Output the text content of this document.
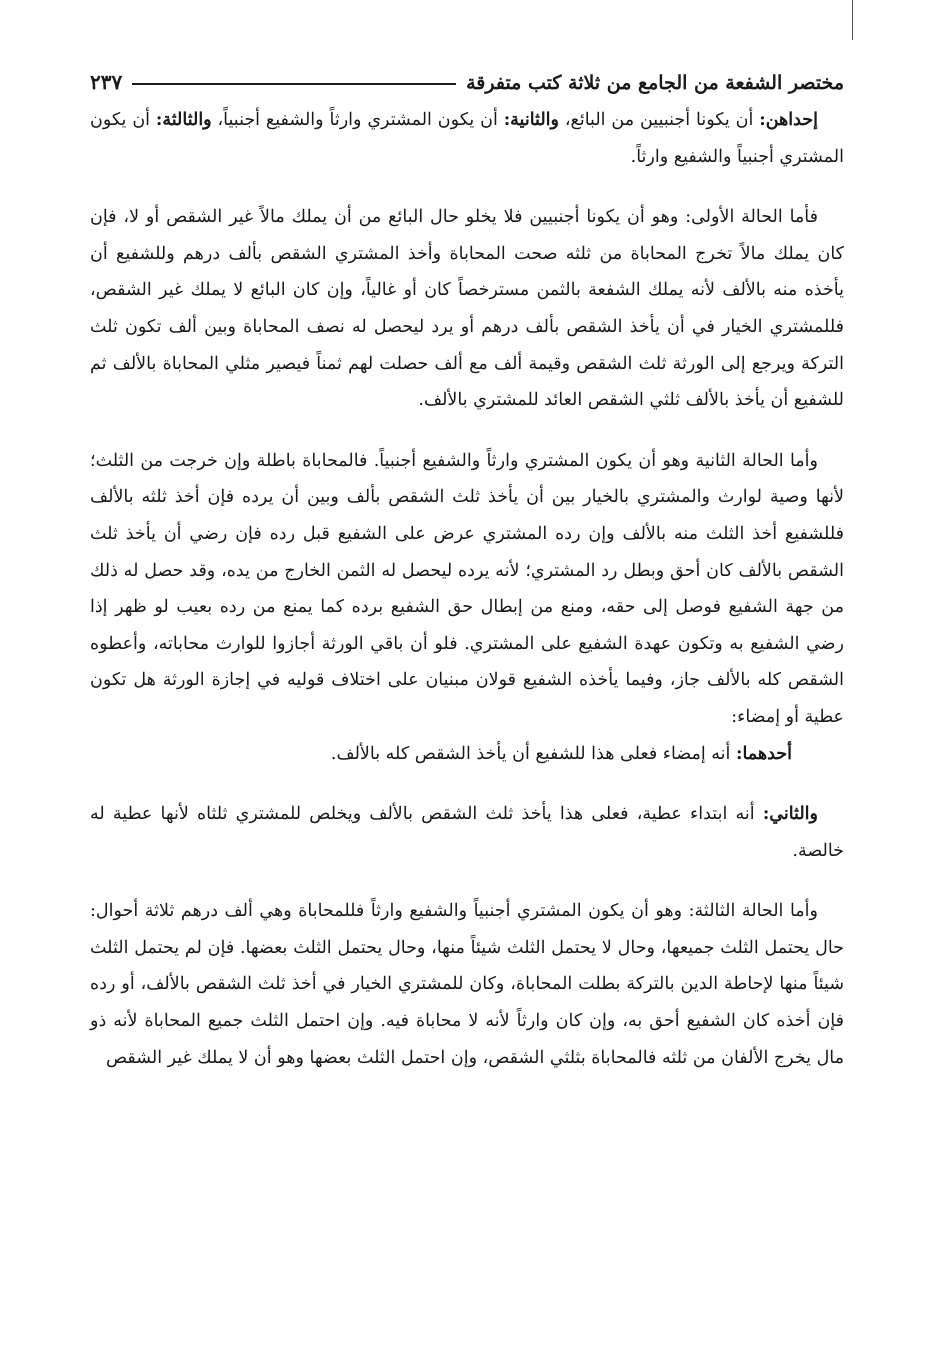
مختصر الشفعة من الجامع من ثلاثة كتب متفرقة
٢٣٧

إحداهن: أن يكونا أجنبيين من البائع، والثانية: أن يكون المشتري وارثاً والشفيع أجنبياً، والثالثة: أن يكون المشتري أجنبياً والشفيع وارثاً.

فأما الحالة الأولى: وهو أن يكونا أجنبيين فلا يخلو حال البائع من أن يملك مالاً غير الشقص أو لا، فإن كان يملك مالاً تخرج المحاباة من ثلثه صحت المحاباة وأخذ المشتري الشقص بألف درهم وللشفيع أن يأخذه منه بالألف لأنه يملك الشفعة بالثمن مسترخصاً كان أو غالياً، وإن كان البائع لا يملك غير الشقص، فللمشتري الخيار في أن يأخذ الشقص بألف درهم أو يرد ليحصل له نصف المحاباة وبين ألف تكون ثلث التركة ويرجع إلى الورثة ثلث الشقص وقيمة ألف مع ألف حصلت لهم ثمناً فيصير مثلي المحاباة بالألف ثم للشفيع أن يأخذ بالألف ثلثي الشقص العائد للمشتري بالألف.

وأما الحالة الثانية وهو أن يكون المشتري وارثاً والشفيع أجنبياً. فالمحاباة باطلة وإن خرجت من الثلث؛ لأنها وصية لوارث والمشتري بالخيار بين أن يأخذ ثلث الشقص بألف وبين أن يرده فإن أخذ ثلثه بالألف فللشفيع أخذ الثلث منه بالألف وإن رده المشتري عرض على الشفيع قبل رده فإن رضي أن يأخذ ثلث الشقص بالألف كان أحق وبطل رد المشتري؛ لأنه يرده ليحصل له الثمن الخارج من يده، وقد حصل له ذلك من جهة الشفيع فوصل إلى حقه، ومنع من إبطال حق الشفيع برده كما يمنع من رده بعيب لو ظهر إذا رضي الشفيع به وتكون عهدة الشفيع على المشتري. فلو أن باقي الورثة أجازوا للوارث محاباته، وأعطوه الشقص كله بالألف جاز، وفيما يأخذه الشفيع قولان مبنيان على اختلاف قوليه في إجازة الورثة هل تكون عطية أو إمضاء:

أحدهما: أنه إمضاء فعلى هذا للشفيع أن يأخذ الشقص كله بالألف.

والثاني: أنه ابتداء عطية، فعلى هذا يأخذ ثلث الشقص بالألف ويخلص للمشتري ثلثاه لأنها عطية له خالصة.

وأما الحالة الثالثة: وهو أن يكون المشتري أجنبياً والشفيع وارثاً فللمحاباة وهي ألف درهم ثلاثة أحوال: حال يحتمل الثلث جميعها، وحال لا يحتمل الثلث شيئاً منها، وحال يحتمل الثلث بعضها. فإن لم يحتمل الثلث شيئاً منها لإحاطة الدين بالتركة بطلت المحاباة، وكان للمشتري الخيار في أخذ ثلث الشقص بالألف، أو رده فإن أخذه كان الشفيع أحق به، وإن كان وارثاً لأنه لا محاباة فيه. وإن احتمل الثلث جميع المحاباة لأنه ذو مال يخرج الألفان من ثلثه فالمحاباة بثلثي الشقص، وإن احتمل الثلث بعضها وهو أن لا يملك غير الشقص
